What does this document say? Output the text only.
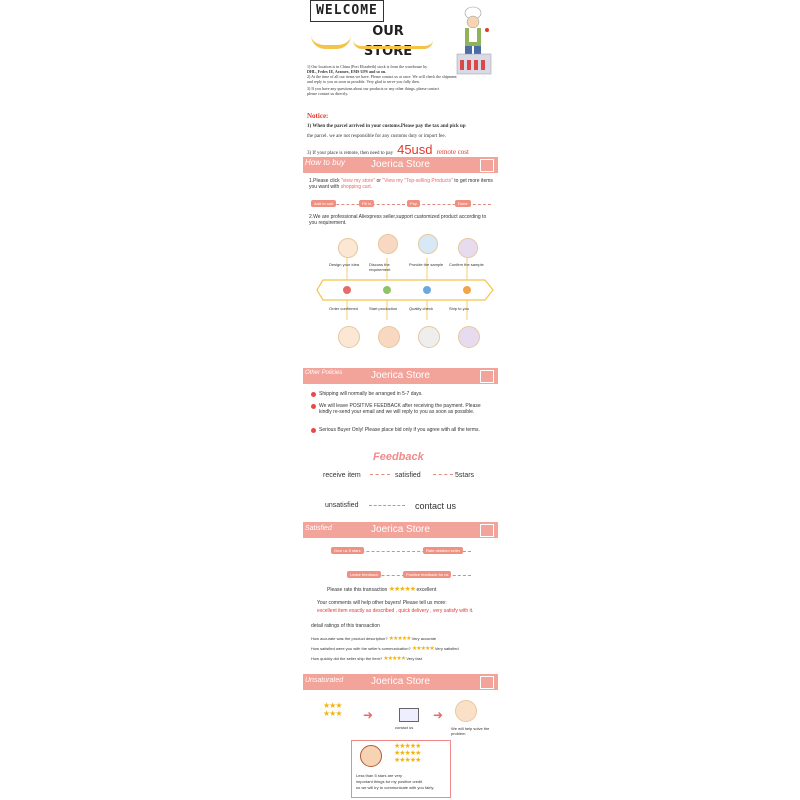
WELCOME
OUR STORE
1) Our location is in China (Port Elizabeth) stock is from the warehouse by
DHL, Fedex IE, Aramex, EMS UPS and so on.
2) At the time of all our items we have. Please contact us at once. We will check the shipment
and reply to you as soon as possible. Very glad to serve you fully then.
3) If you have any questions about our products or any other things, please contact
please contact us directly.
Notice:
1) When the parcel arrived in your customs.Please pay the tax and pick up
the parcel. we are not responsible for any customs duty or import fee.
3) If your place is remote, then need to pay 45usd remote cost
How to buy	Joerica Store
1.Please click "view my store" or "View my "Top-selling Products" to get more items you want with shopping cart.
Add to cart	Fill in	Pay	Done
2.We are professional Aliexpress seller,support customized product according to you requirement.
Design your idea	Discuss the requirement
Provide the sample	Confirm the sample
Order confirmed	Start production	Quality check	Ship to you
Other Policies	Joerica Store
Shipping will normally be arranged in 5-7 days.
We will leave POSITIVE FEEDBACK after receiving the payment. Please kindly re-send your email and we will reply to you as soon as possible.
Serious Buyer Only! Please place bid only if you agree with all the terms.
Feedback
receive item	satisfied	5stars
unsatisfied	contact us
Satisfied	Joerica Store
Give us 5 stars	Rate detailed seller
Leave feedback	Positive feedback for us
Please rate this transaction ★★★★★ excellent
Your comments will help other buyers! Please tell us more:
excellent item exactly as described , quick delivery , very satisfy with it.
detail ratings of this transaction
How accurate was the product description? ★★★★★ Very accurate
How satisfied were you with the seller's communication? ★★★★★ Very satisfied
How quickly did the seller ship the item? ★★★★★ Very fast
Unsaturated	Joerica Store
★★★
★★★	➜
contact us
➜
We will help solve the problem
★★★★★
★★★★★
★★★★★
Less than 5 stars are very
important things for my positive credit
so we will try to communicate with you fairly.
